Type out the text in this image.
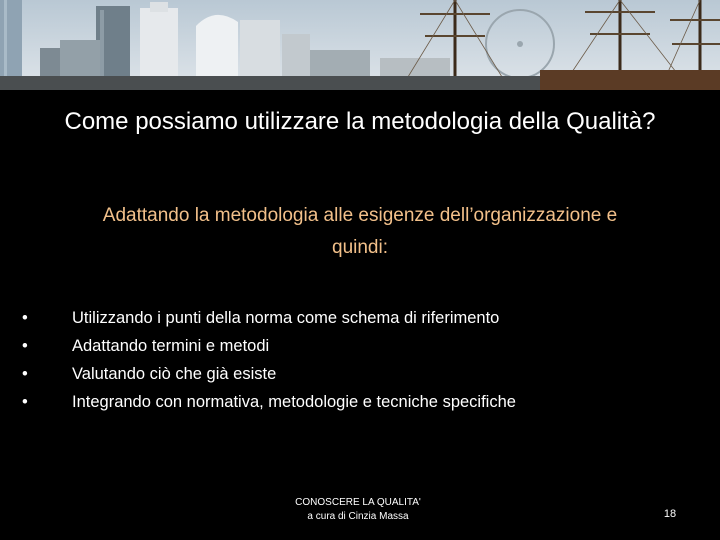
Come possiamo utilizzare la metodologia della Qualità?
Adattando la metodologia alle esigenze dell’organizzazione e quindi:
•	Utilizzando i punti della norma come schema di riferimento
•	Adattando termini e metodi
•	Valutando ciò che già esiste
•	Integrando con normativa, metodologie e tecniche specifiche
CONOSCERE LA QUALITA'
a cura di Cinzia Massa	18
